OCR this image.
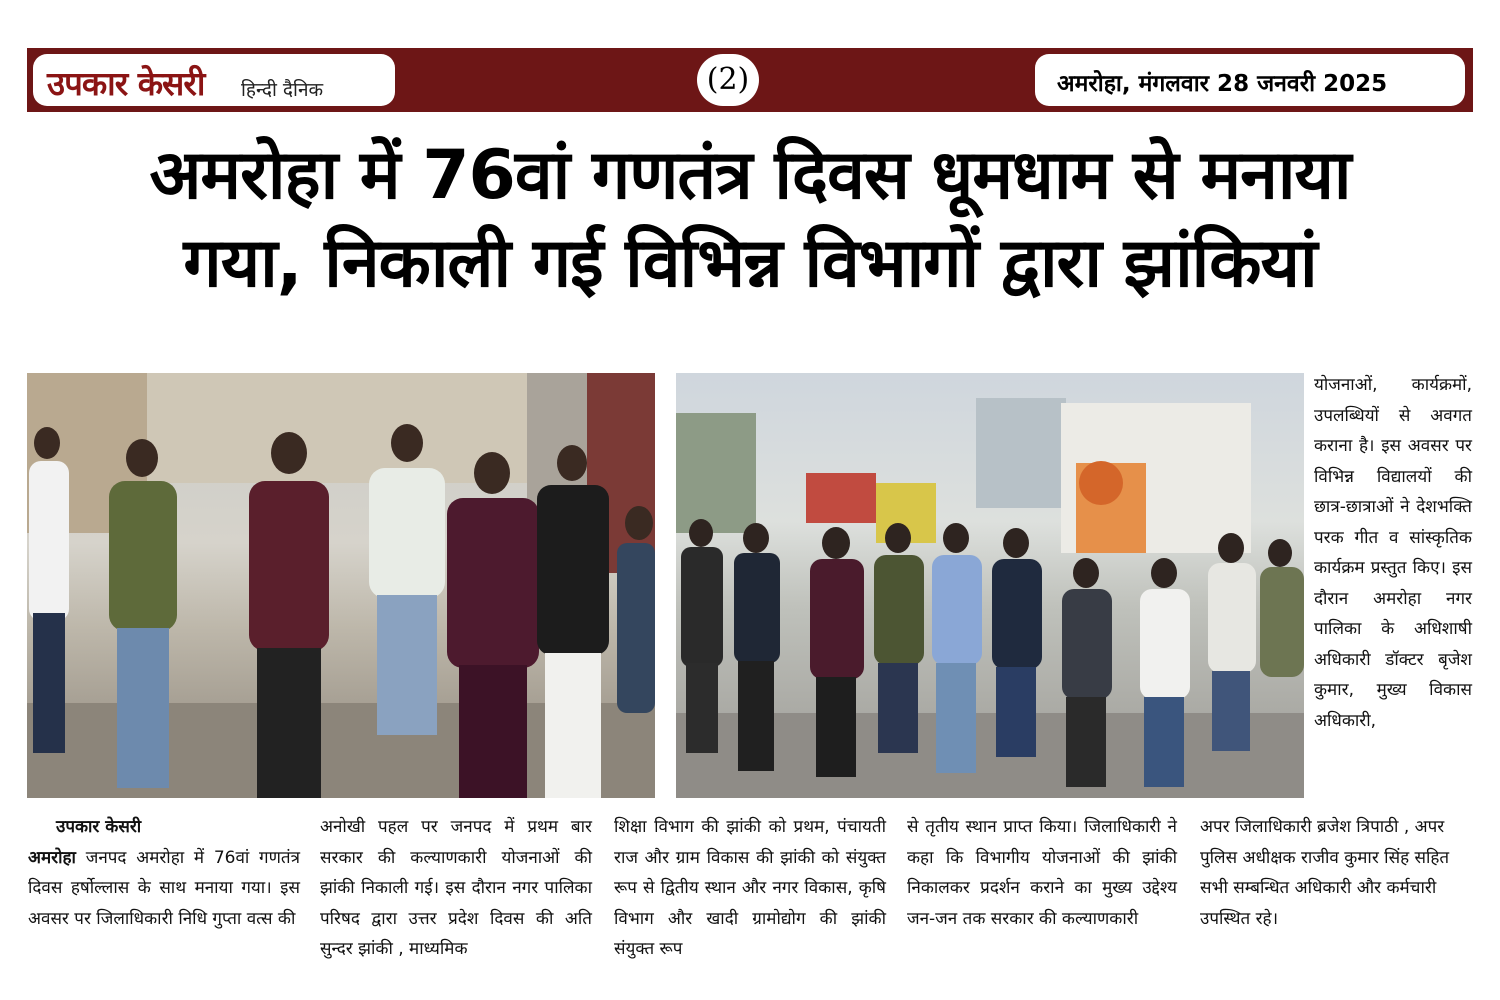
उपकार केसरी हिन्दी दैनिक	(2)	अमरोहा, मंगलवार 28 जनवरी 2025
अमरोहा में 76वां गणतंत्र दिवस धूमधाम से मनाया
गया, निकाली गई विभिन्न विभागों द्वारा झांकियां

योजनाओं, कार्यक्रमों, उपलब्धियों से अवगत कराना है। इस अवसर पर विभिन्न विद्यालयों की छात्र-छात्राओं ने देशभक्ति परक गीत व सांस्कृतिक कार्यक्रम प्रस्तुत किए। इस दौरान अमरोहा नगर पालिका के अधिशाषी अधिकारी डॉक्टर बृजेश कुमार, मुख्य विकास अधिकारी,

उपकार केसरी

अमरोहा जनपद अमरोहा में 76वां गणतंत्र दिवस हर्षोल्लास के साथ मनाया गया। इस अवसर पर जिलाधिकारी निधि गुप्ता वत्स की

अनोखी पहल पर जनपद में प्रथम बार सरकार की कल्याणकारी योजनाओं की झांकी निकाली गई। इस दौरान नगर पालिका परिषद द्वारा उत्तर प्रदेश दिवस की अति सुन्दर झांकी , माध्यमिक

शिक्षा विभाग की झांकी को प्रथम, पंचायती राज और ग्राम विकास की झांकी को संयुक्त रूप से द्वितीय स्थान और नगर विकास, कृषि विभाग और खादी ग्रामोद्योग की झांकी संयुक्त रूप

से तृतीय स्थान प्राप्त किया। जिलाधिकारी ने कहा कि विभागीय योजनाओं की झांकी निकालकर प्रदर्शन कराने का मुख्य उद्देश्य जन-जन तक सरकार की कल्याणकारी

अपर जिलाधिकारी ब्रजेश त्रिपाठी , अपर पुलिस अधीक्षक राजीव कुमार सिंह सहित सभी सम्बन्धित अधिकारी और कर्मचारी उपस्थित रहे।
